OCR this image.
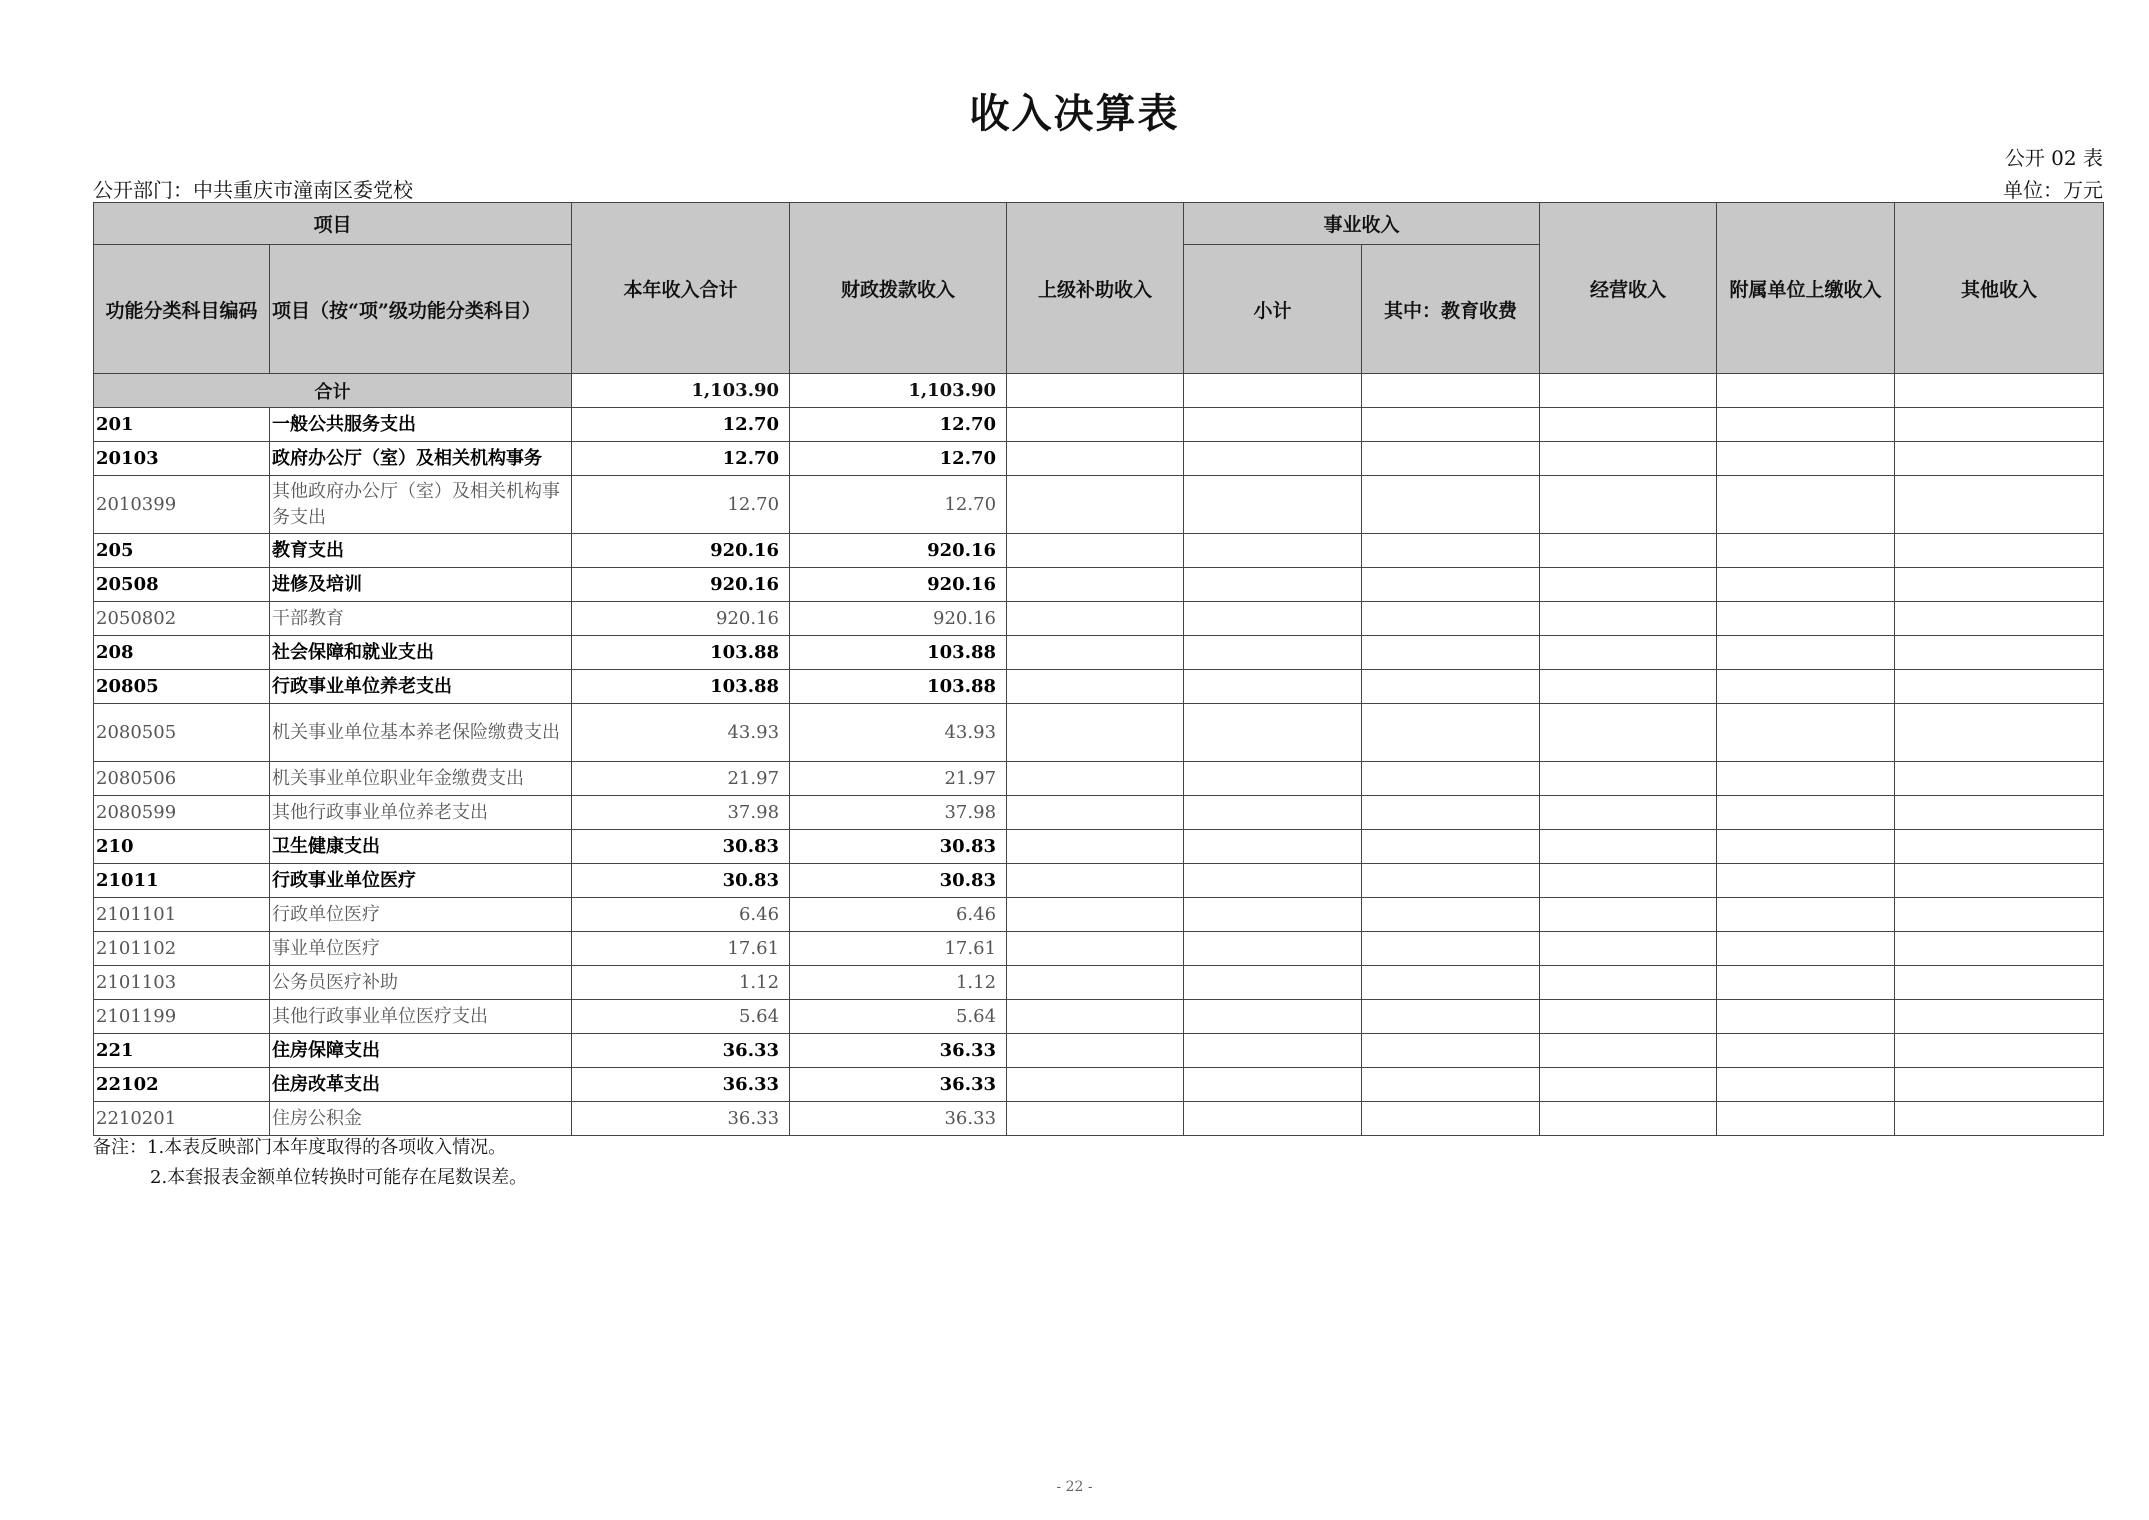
收入决算表
公开 02 表
公开部门：中共重庆市潼南区委党校	单位：万元
项目		本年收入合计	财政拨款收入	上级补助收入	事业收入		经营收入	附属单位上缴收入	其他收入
功能分类科目编码	项目（按“项”级功能分类科目）				小计	其中：教育收费			
合计		1,103.90	1,103.90						
201	一般公共服务支出	12.70	12.70						
20103	政府办公厅（室）及相关机构事务	12.70	12.70						
2010399	其他政府办公厅（室）及相关机构事务支出	12.70	12.70						
205	教育支出	920.16	920.16						
20508	进修及培训	920.16	920.16						
2050802	干部教育	920.16	920.16						
208	社会保障和就业支出	103.88	103.88						
20805	行政事业单位养老支出	103.88	103.88						
2080505	机关事业单位基本养老保险缴费支出	43.93	43.93						
2080506	机关事业单位职业年金缴费支出	21.97	21.97						
2080599	其他行政事业单位养老支出	37.98	37.98						
210	卫生健康支出	30.83	30.83						
21011	行政事业单位医疗	30.83	30.83						
2101101	行政单位医疗	6.46	6.46						
2101102	事业单位医疗	17.61	17.61						
2101103	公务员医疗补助	1.12	1.12						
2101199	其他行政事业单位医疗支出	5.64	5.64						
221	住房保障支出	36.33	36.33						
22102	住房改革支出	36.33	36.33						
2210201	住房公积金	36.33	36.33						
备注：1.本表反映部门本年度取得的各项收入情况。
2.本套报表金额单位转换时可能存在尾数误差。
- 22 -
